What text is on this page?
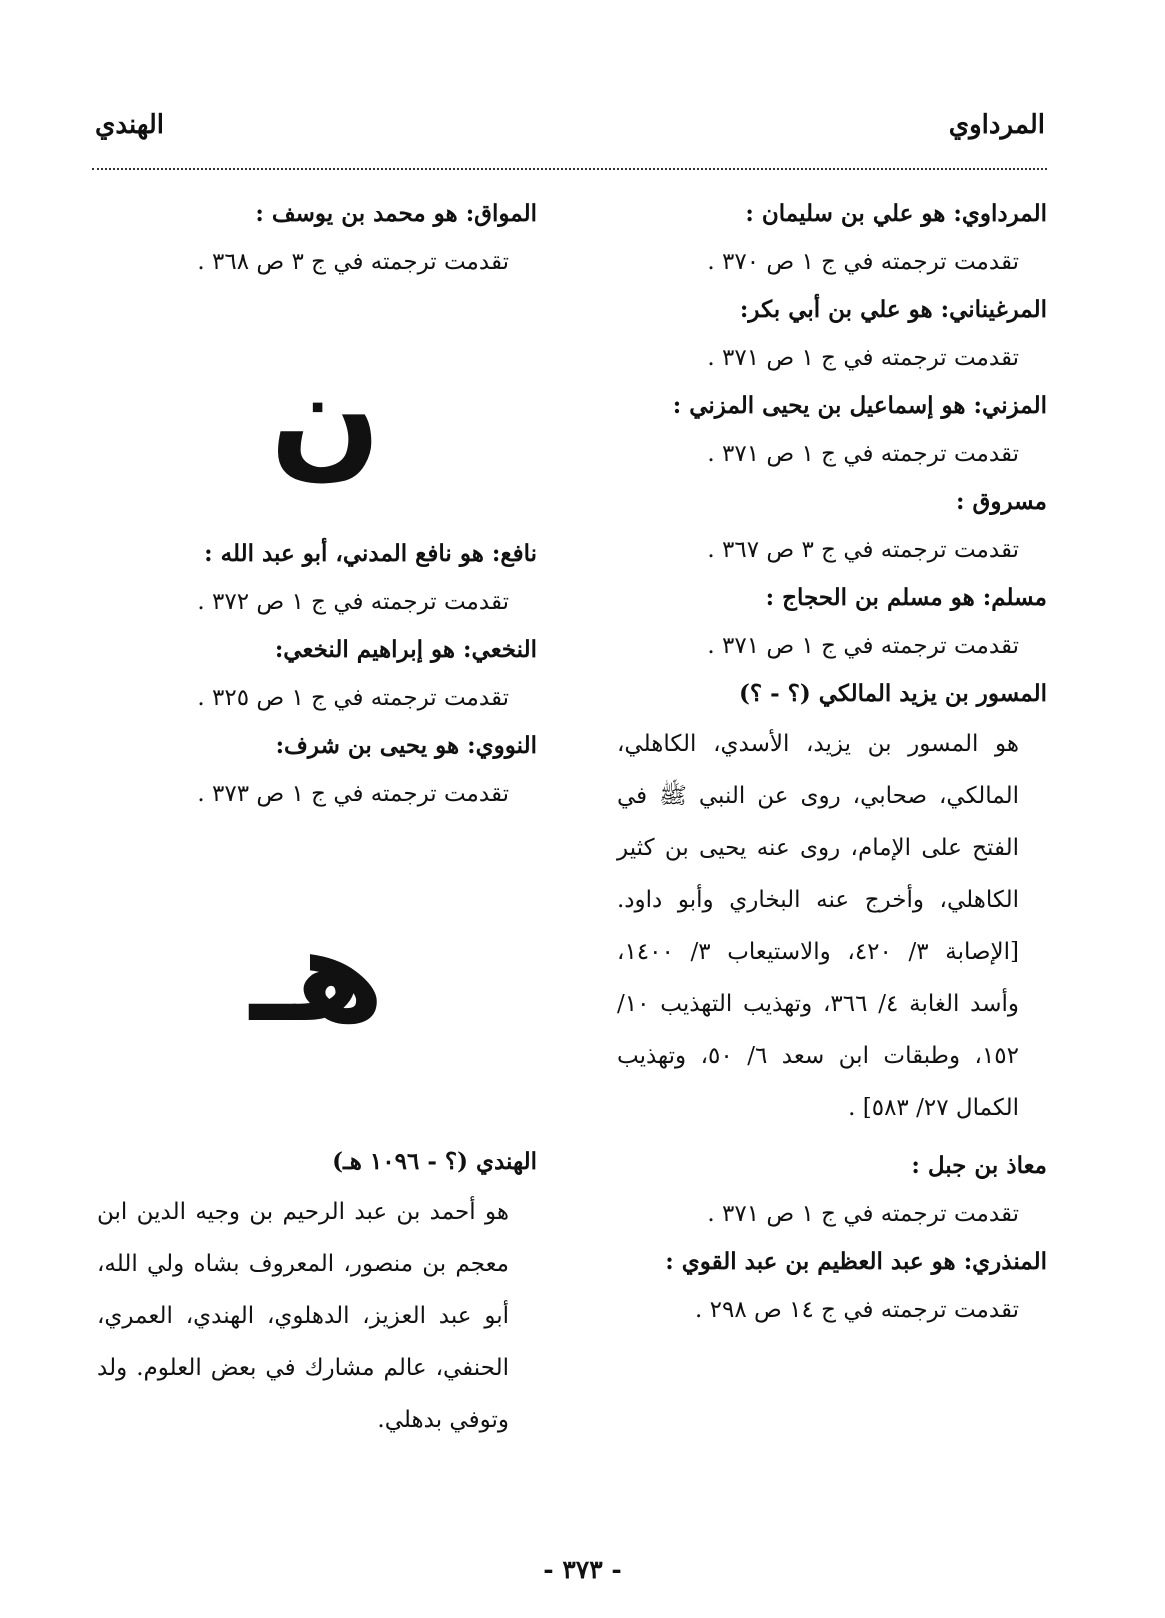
المرداوي
الهندي
المرداوي: هو علي بن سليمان :
تقدمت ترجمته في ج ١ ص ٣٧٠ .
المرغيناني: هو علي بن أبي بكر:
تقدمت ترجمته في ج ١ ص ٣٧١ .
المزني: هو إسماعيل بن يحيى المزني :
تقدمت ترجمته في ج ١ ص ٣٧١ .
مسروق :
تقدمت ترجمته في ج ٣ ص ٣٦٧ .
مسلم: هو مسلم بن الحجاج :
تقدمت ترجمته في ج ١ ص ٣٧١ .
المسور بن يزيد المالكي (؟ - ؟)
هو المسور بن يزيد، الأسدي، الكاهلي، المالكي، صحابي، روى عن النبي ﷺ في الفتح على الإمام، روى عنه يحيى بن كثير الكاهلي، وأخرج عنه البخاري وأبو داود. [الإصابة ٣/ ٤٢٠، والاستيعاب ٣/ ١٤٠٠، وأسد الغابة ٤/ ٣٦٦، وتهذيب التهذيب ١٠/ ١٥٢، وطبقات ابن سعد ٦/ ٥٠، وتهذيب الكمال ٢٧/ ٥٨٣] .
معاذ بن جبل :
تقدمت ترجمته في ج ١ ص ٣٧١ .
المنذري: هو عبد العظيم بن عبد القوي :
تقدمت ترجمته في ج ١٤ ص ٢٩٨ .
المواق: هو محمد بن يوسف :
تقدمت ترجمته في ج ٣ ص ٣٦٨ .
ن
نافع: هو نافع المدني، أبو عبد الله :
تقدمت ترجمته في ج ١ ص ٣٧٢ .
النخعي: هو إبراهيم النخعي:
تقدمت ترجمته في ج ١ ص ٣٢٥ .
النووي: هو يحيى بن شرف:
تقدمت ترجمته في ج ١ ص ٣٧٣ .
هـ
الهندي (؟ - ١٠٩٦ هـ)
هو أحمد بن عبد الرحيم بن وجيه الدين ابن معجم بن منصور، المعروف بشاه ولي الله، أبو عبد العزيز، الدهلوي، الهندي، العمري، الحنفي، عالم مشارك في بعض العلوم. ولد وتوفي بدهلي.
- ٣٧٣ -
